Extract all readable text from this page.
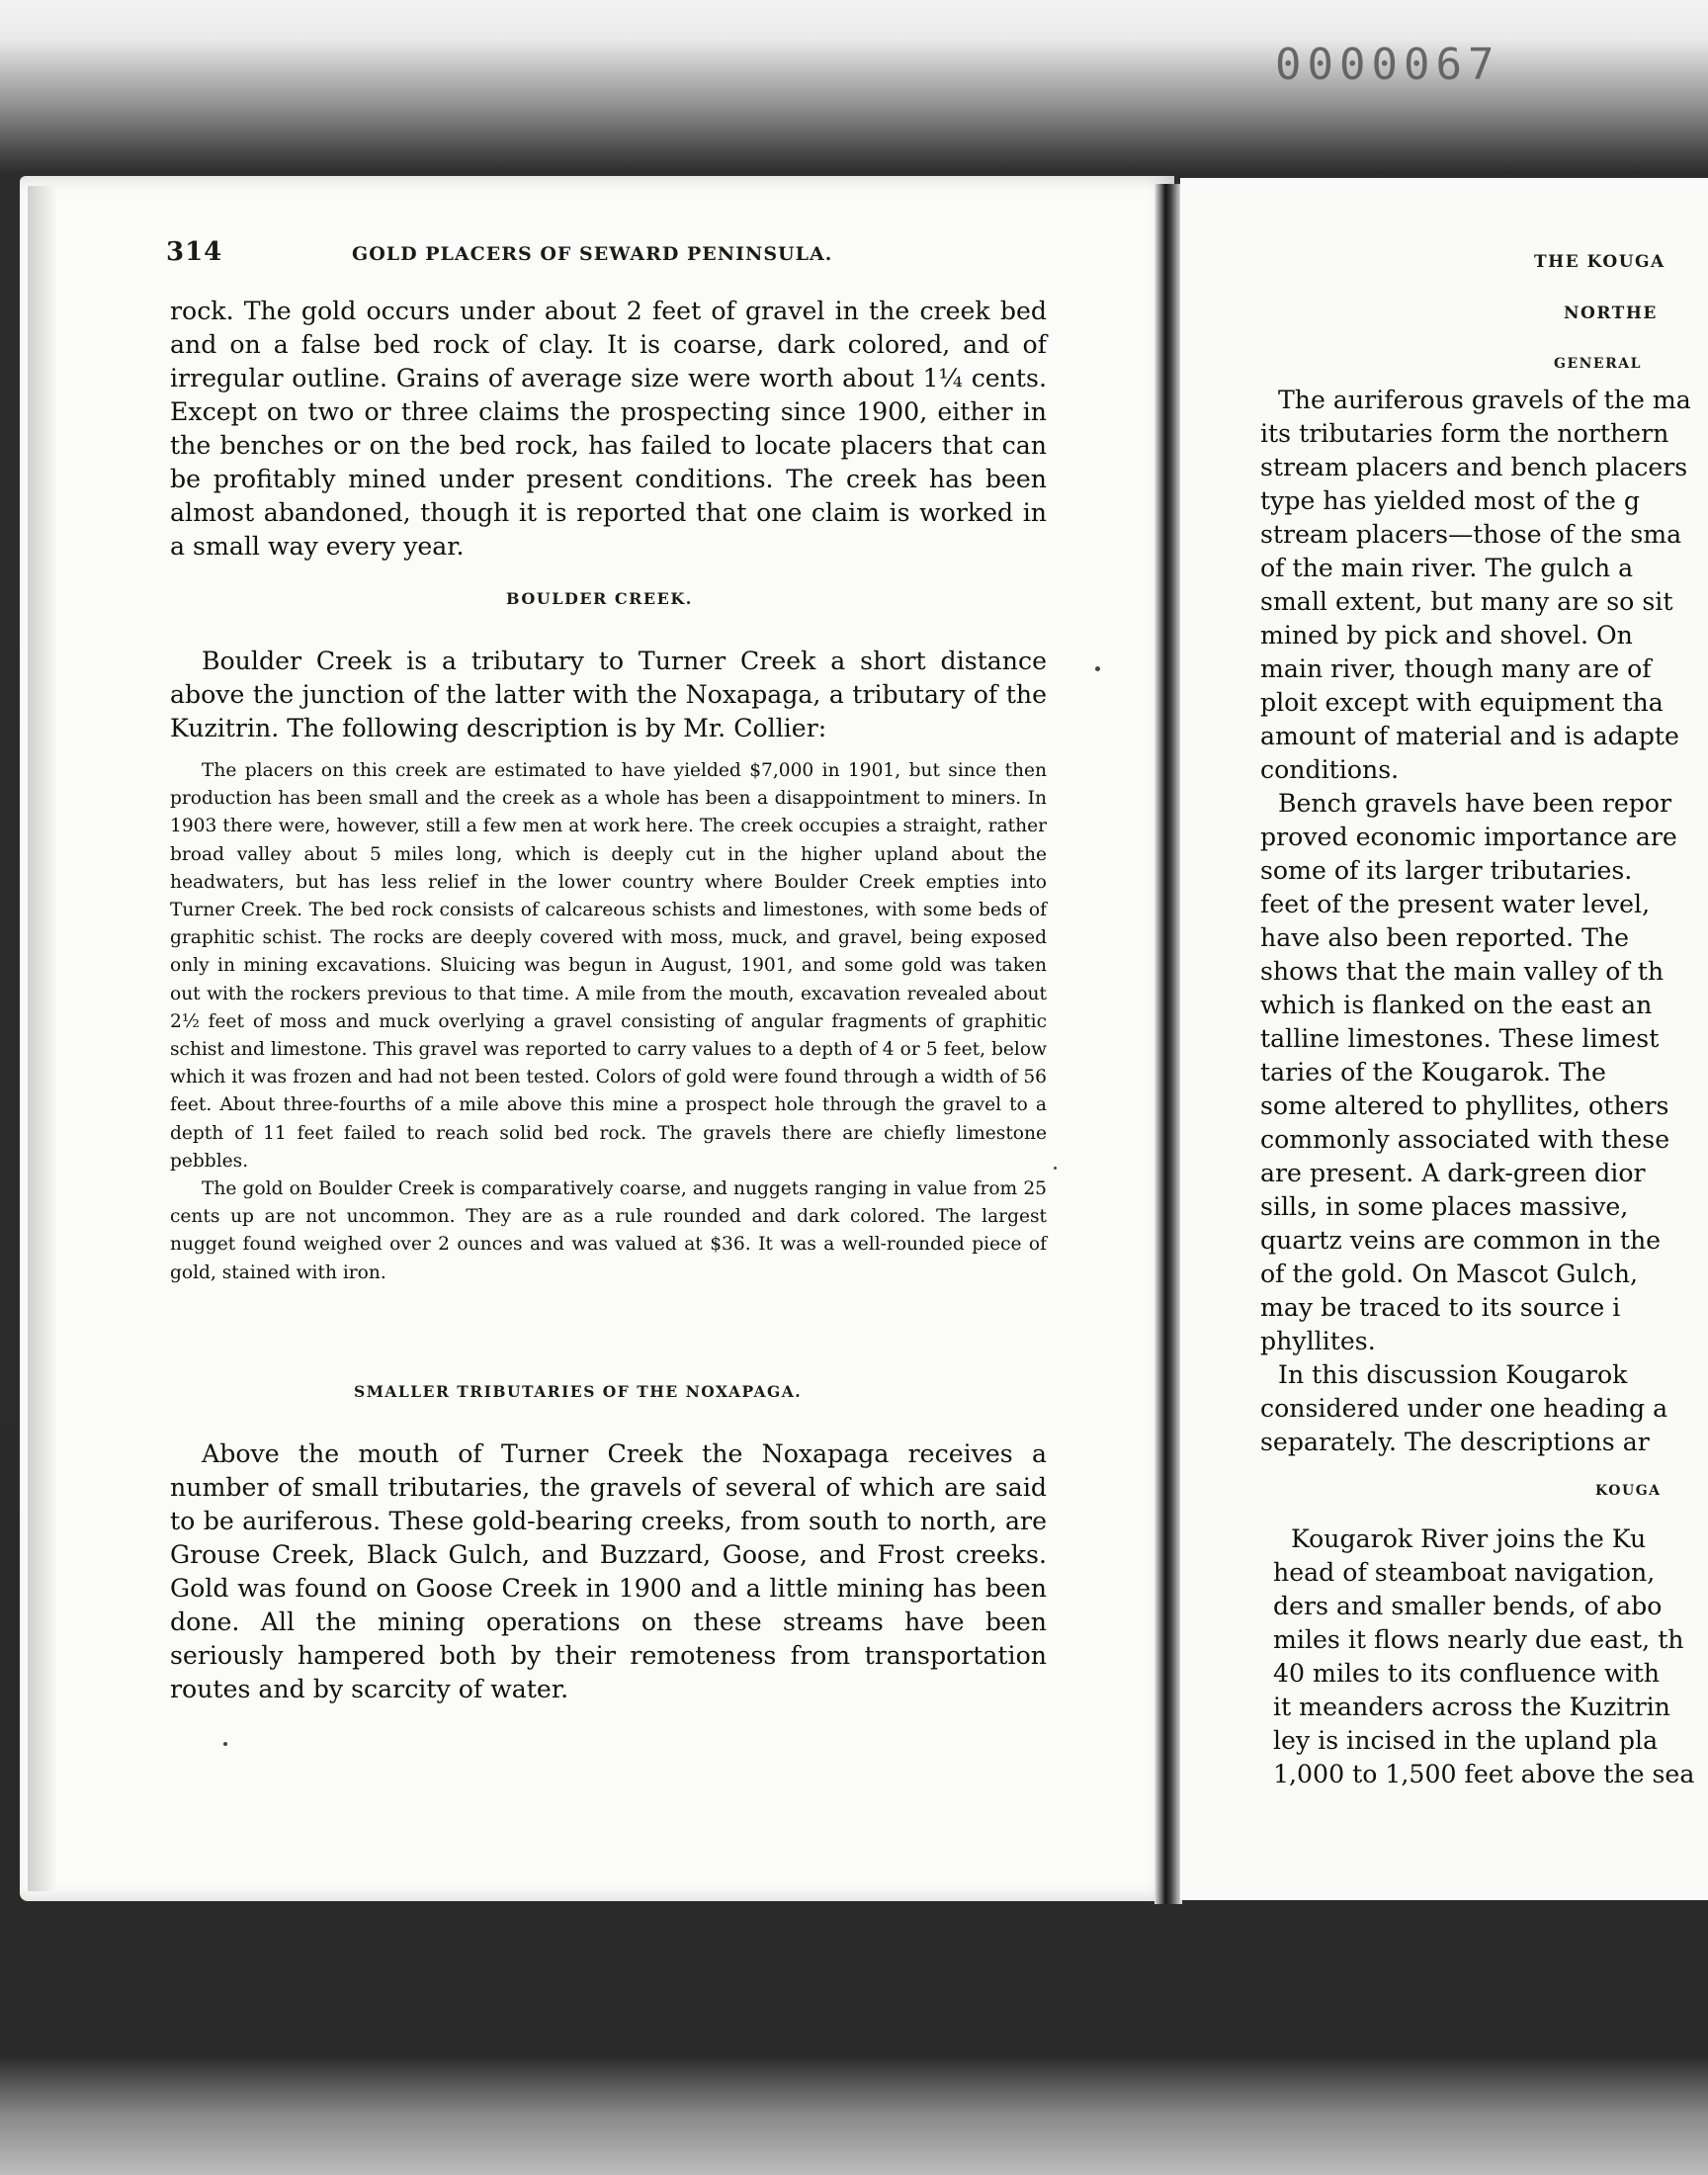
0000067
314	GOLD PLACERS OF SEWARD PENINSULA.

rock. The gold occurs under about 2 feet of gravel in the creek bed and on a false bed rock of clay. It is coarse, dark colored, and of irregular outline. Grains of average size were worth about 1¼ cents. Except on two or three claims the prospecting since 1900, either in the benches or on the bed rock, has failed to locate placers that can be profitably mined under present conditions. The creek has been almost abandoned, though it is reported that one claim is worked in a small way every year.

BOULDER CREEK.

Boulder Creek is a tributary to Turner Creek a short distance above the junction of the latter with the Noxapaga, a tributary of the Kuzitrin. The following description is by Mr. Collier:

The placers on this creek are estimated to have yielded $7,000 in 1901, but since then production has been small and the creek as a whole has been a disappointment to miners. In 1903 there were, however, still a few men at work here. The creek occupies a straight, rather broad valley about 5 miles long, which is deeply cut in the higher upland about the headwaters, but has less relief in the lower country where Boulder Creek empties into Turner Creek. The bed rock consists of calcareous schists and limestones, with some beds of graphitic schist. The rocks are deeply covered with moss, muck, and gravel, being exposed only in mining excavations. Sluicing was begun in August, 1901, and some gold was taken out with the rockers previous to that time. A mile from the mouth, excavation revealed about 2½ feet of moss and muck overlying a gravel consisting of angular fragments of graphitic schist and limestone. This gravel was reported to carry values to a depth of 4 or 5 feet, below which it was frozen and had not been tested. Colors of gold were found through a width of 56 feet. About three-fourths of a mile above this mine a prospect hole through the gravel to a depth of 11 feet failed to reach solid bed rock. The gravels there are chiefly limestone pebbles.

The gold on Boulder Creek is comparatively coarse, and nuggets ranging in value from 25 cents up are not uncommon. They are as a rule rounded and dark colored. The largest nugget found weighed over 2 ounces and was valued at $36. It was a well-rounded piece of gold, stained with iron.

SMALLER TRIBUTARIES OF THE NOXAPAGA.

Above the mouth of Turner Creek the Noxapaga receives a number of small tributaries, the gravels of several of which are said to be auriferous. These gold-bearing creeks, from south to north, are Grouse Creek, Black Gulch, and Buzzard, Goose, and Frost creeks. Gold was found on Goose Creek in 1900 and a little mining has been done. All the mining operations on these streams have been seriously hampered both by their remoteness from transportation routes and by scarcity of water.

THE KOUGA
NORTHE
GENERAL
The auriferous gravels of the ma
its tributaries form the northern
stream placers and bench placers
type has yielded most of the g
stream placers—those of the sma
of the main river. The gulch a
small extent, but many are so sit
mined by pick and shovel. On
main river, though many are of
ploit except with equipment tha
amount of material and is adapte
conditions.
Bench gravels have been repor
proved economic importance are
some of its larger tributaries.
feet of the present water level,
have also been reported. The
shows that the main valley of th
which is flanked on the east an
talline limestones. These limest
taries of the Kougarok. The
some altered to phyllites, others
commonly associated with these
are present. A dark-green dior
sills, in some places massive,
quartz veins are common in the
of the gold. On Mascot Gulch,
may be traced to its source i
phyllites.
In this discussion Kougarok
considered under one heading a
separately. The descriptions ar
KOUGA
Kougarok River joins the Ku
head of steamboat navigation,
ders and smaller bends, of abo
miles it flows nearly due east, th
40 miles to its confluence with
it meanders across the Kuzitrin
ley is incised in the upland pla
1,000 to 1,500 feet above the sea
